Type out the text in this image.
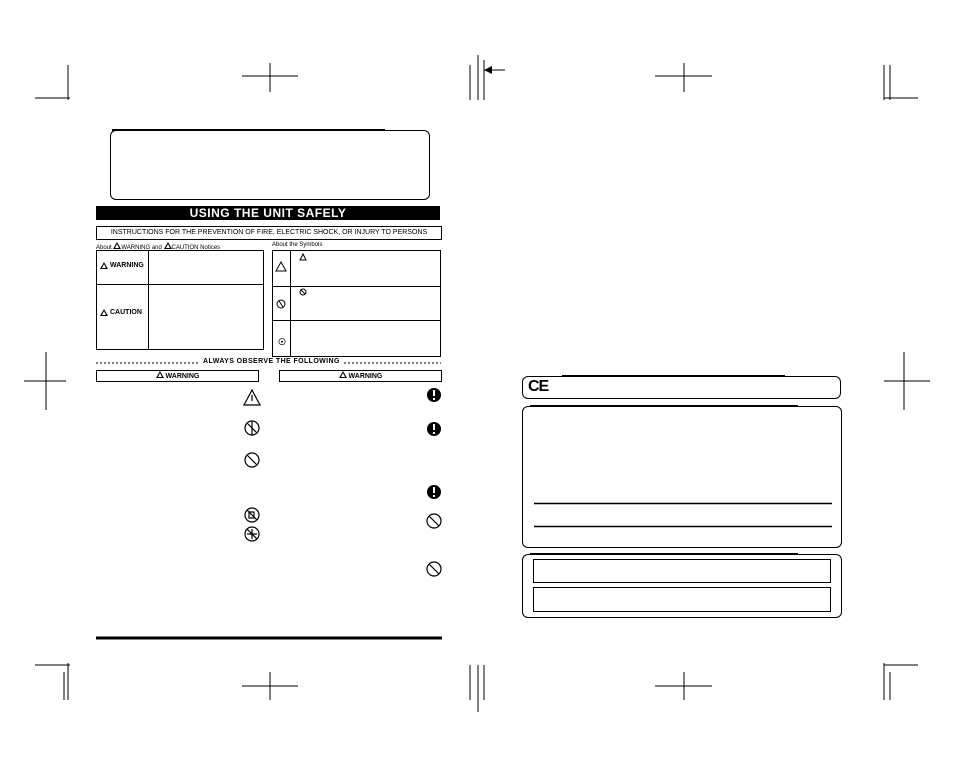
USING THE UNIT SAFELY
INSTRUCTIONS FOR THE PREVENTION OF FIRE, ELECTRIC SHOCK, OR INJURY TO PERSONS
About WARNING and CAUTION Notices	About the Symbols
WARNING
CAUTION
☉
ALWAYS OBSERVE THE FOLLOWING
WARNING	WARNING
CE
